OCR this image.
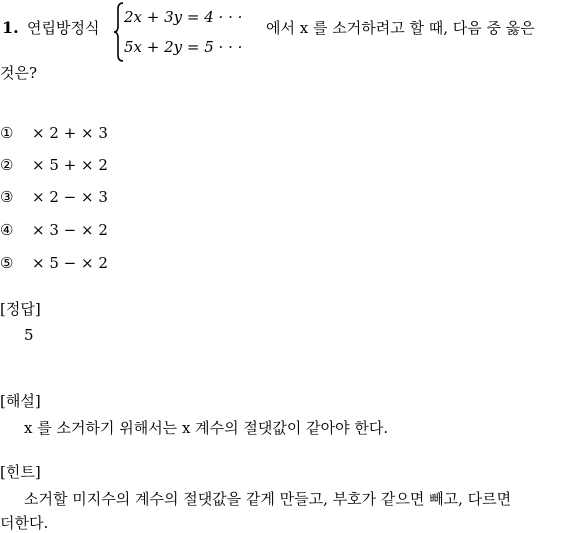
1. 연립방정식
2x + 3y = 4 · · ·
5x + 2y = 5 · · ·
에서 x 를 소거하려고 할 때, 다음 중 옳은
것은?
① × 2 + × 3
② × 5 + × 2
③ × 2 − × 3
④ × 3 − × 2
⑤ × 5 − × 2
[정답]
5
[해설]
x 를 소거하기 위해서는 x 계수의 절댓값이 같아야 한다.
[힌트]
소거할 미지수의 계수의 절댓값을 같게 만들고, 부호가 같으면 빼고, 다르면
더한다.
